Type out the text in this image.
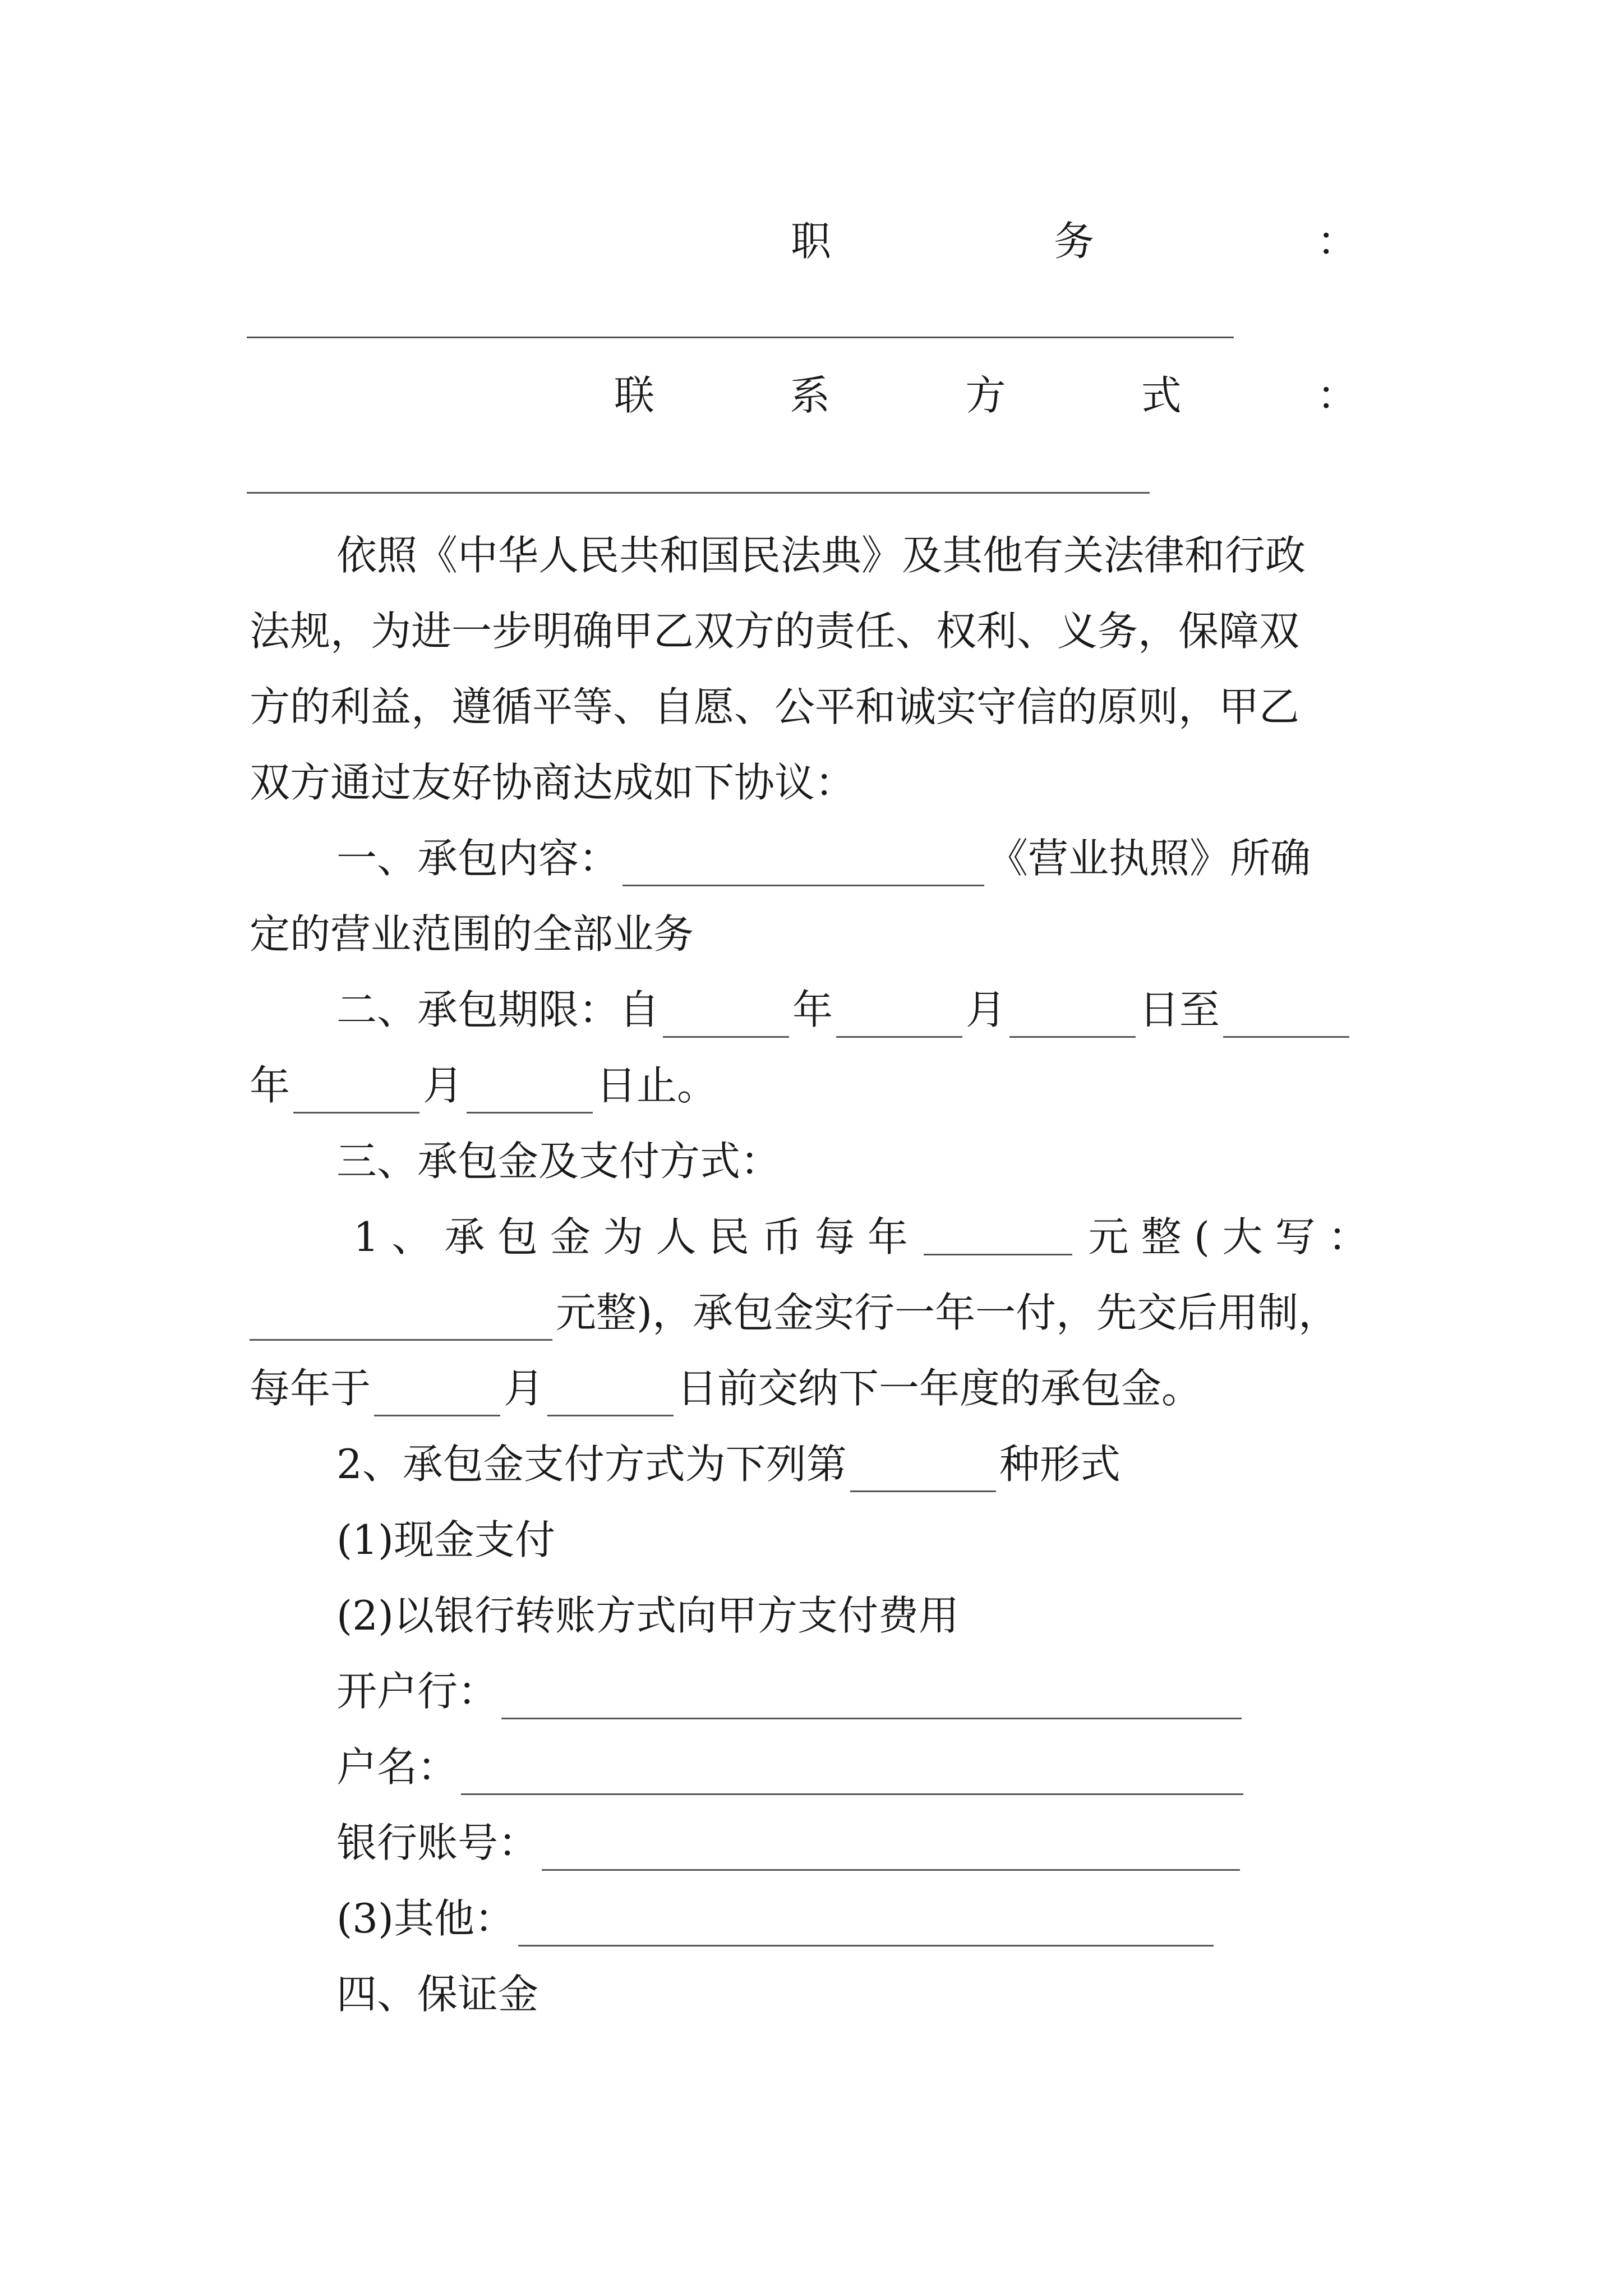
职	务	：
联	系	方	式	：
依照《中华人民共和国民法典》及其他有关法律和行政
法规，为进一步明确甲乙双方的责任、权利、义务，保障双
方的利益，遵循平等、自愿、公平和诚实守信的原则，甲乙
双方通过友好协商达成如下协议：
一、承包内容：	《营业执照》所确
定的营业范围的全部业务
二、承包期限：自	年	月	日至
年	月	日止。
三、承包金及支付方式：
1 、 承 包 金 为 人 民 币 每 年	元 整 ( 大 写 ：
元整)，承包金实行一年一付，先交后用制，
每年于	月	日前交纳下一年度的承包金。
2、承包金支付方式为下列第	种形式
(1)现金支付
(2)以银行转账方式向甲方支付费用
开户行：
户名：
银行账号：
(3)其他：
四、保证金
